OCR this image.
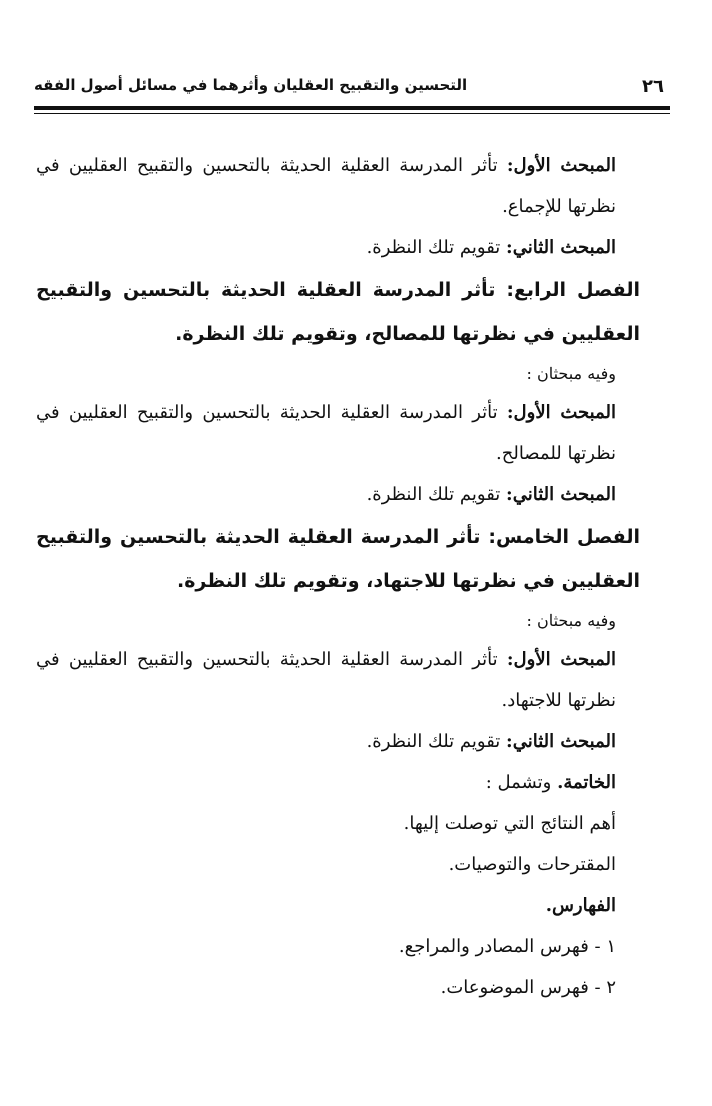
٢٦
التحسين والتقبيح العقليان وأثرهما في مسائل أصول الفقه

المبحث الأول: تأثر المدرسة العقلية الحديثة بالتحسين والتقبيح العقليين في نظرتها للإجماع.

المبحث الثاني: تقويم تلك النظرة.

الفصل الرابع: تأثر المدرسة العقلية الحديثة بالتحسين والتقبيح العقليين في نظرتها للمصالح، وتقويم تلك النظرة.

وفيه مبحثان :

المبحث الأول: تأثر المدرسة العقلية الحديثة بالتحسين والتقبيح العقليين في نظرتها للمصالح.

المبحث الثاني: تقويم تلك النظرة.

الفصل الخامس: تأثر المدرسة العقلية الحديثة بالتحسين والتقبيح العقليين في نظرتها للاجتهاد، وتقويم تلك النظرة.

وفيه مبحثان :

المبحث الأول: تأثر المدرسة العقلية الحديثة بالتحسين والتقبيح العقليين في نظرتها للاجتهاد.

المبحث الثاني: تقويم تلك النظرة.

الخاتمة. وتشمل :

أهم النتائج التي توصلت إليها.

المقترحات والتوصيات.

الفهارس.

١ - فهرس المصادر والمراجع.

٢ - فهرس الموضوعات.
